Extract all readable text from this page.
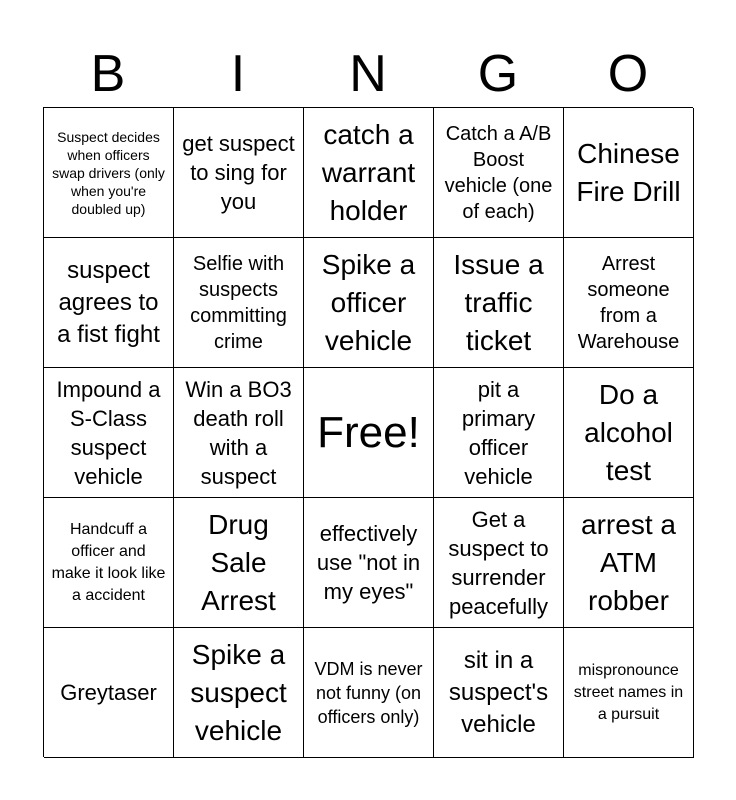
B	I	N	G	O
Suspect decides when officers swap drivers (only when you're doubled up)
get suspect to sing for you
catch a warrant holder
Catch a A/B Boost vehicle (one of each)
Chinese Fire Drill
suspect agrees to a fist fight
Selfie with suspects committing crime
Spike a officer vehicle
Issue a traffic ticket
Arrest someone from a Warehouse
Impound a S-Class suspect vehicle
Win a BO3 death roll with a suspect
Free!
pit a primary officer vehicle
Do a alcohol test
Handcuff a officer and make it look like a accident
Drug Sale Arrest
effectively use "not in my eyes"
Get a suspect to surrender peacefully
arrest a ATM robber
Greytaser
Spike a suspect vehicle
VDM is never not funny (on officers only)
sit in a suspect's vehicle
mispronounce street names in a pursuit
